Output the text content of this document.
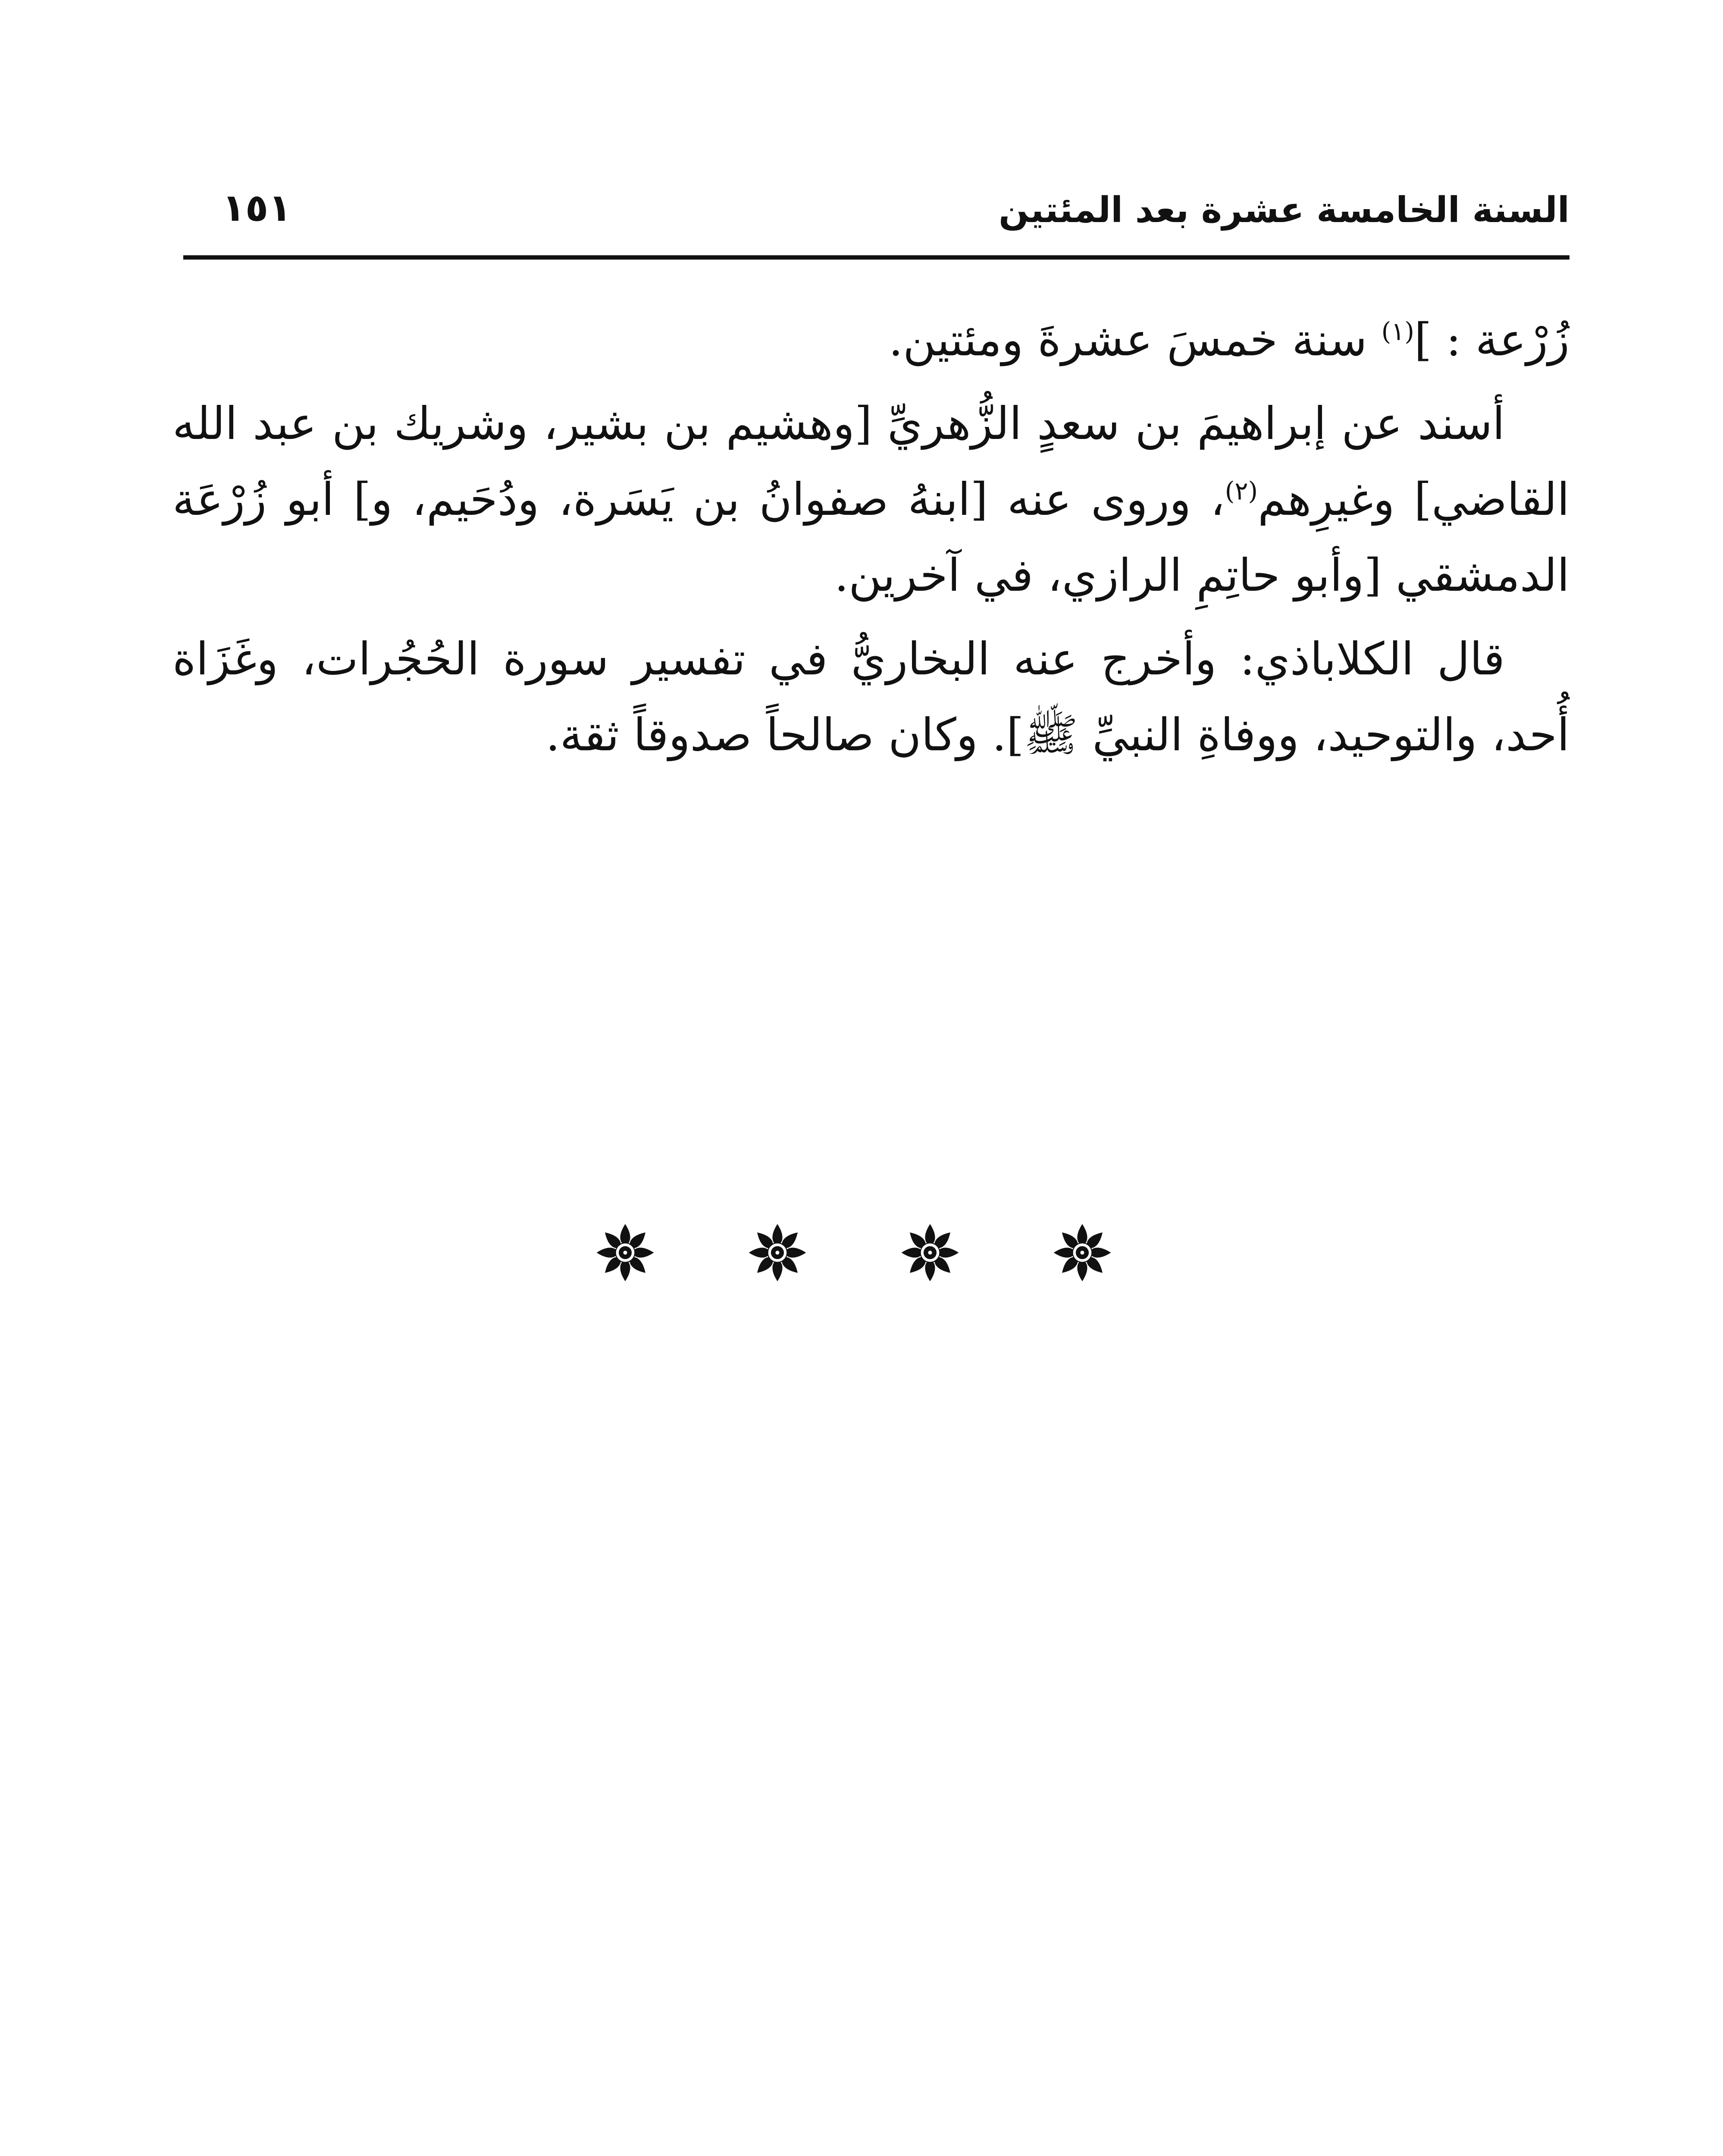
السنة الخامسة عشرة بعد المئتين
١٥١

زُرْعة : ]$^{(١)}$ سنة خمسَ عشرةَ ومئتين.

أسند عن إبراهيمَ بن سعدٍ الزُّهريِّ [وهشيم بن بشير، وشريك بن عبد الله القاضي] وغيرِهم$^{(٢)}$، وروى عنه [ابنهُ صفوانُ بن يَسَرة، ودُحَيم، و] أبو زُرْعَة الدمشقي [وأبو حاتِمِ الرازي، في آخرين.

قال الكلاباذي: وأخرج عنه البخاريُّ في تفسير سورة الحُجُرات، وغَزَاة أُحد، والتوحيد، ووفاةِ النبيِّ ﷺ]. وكان صالحاً صدوقاً ثقة.
